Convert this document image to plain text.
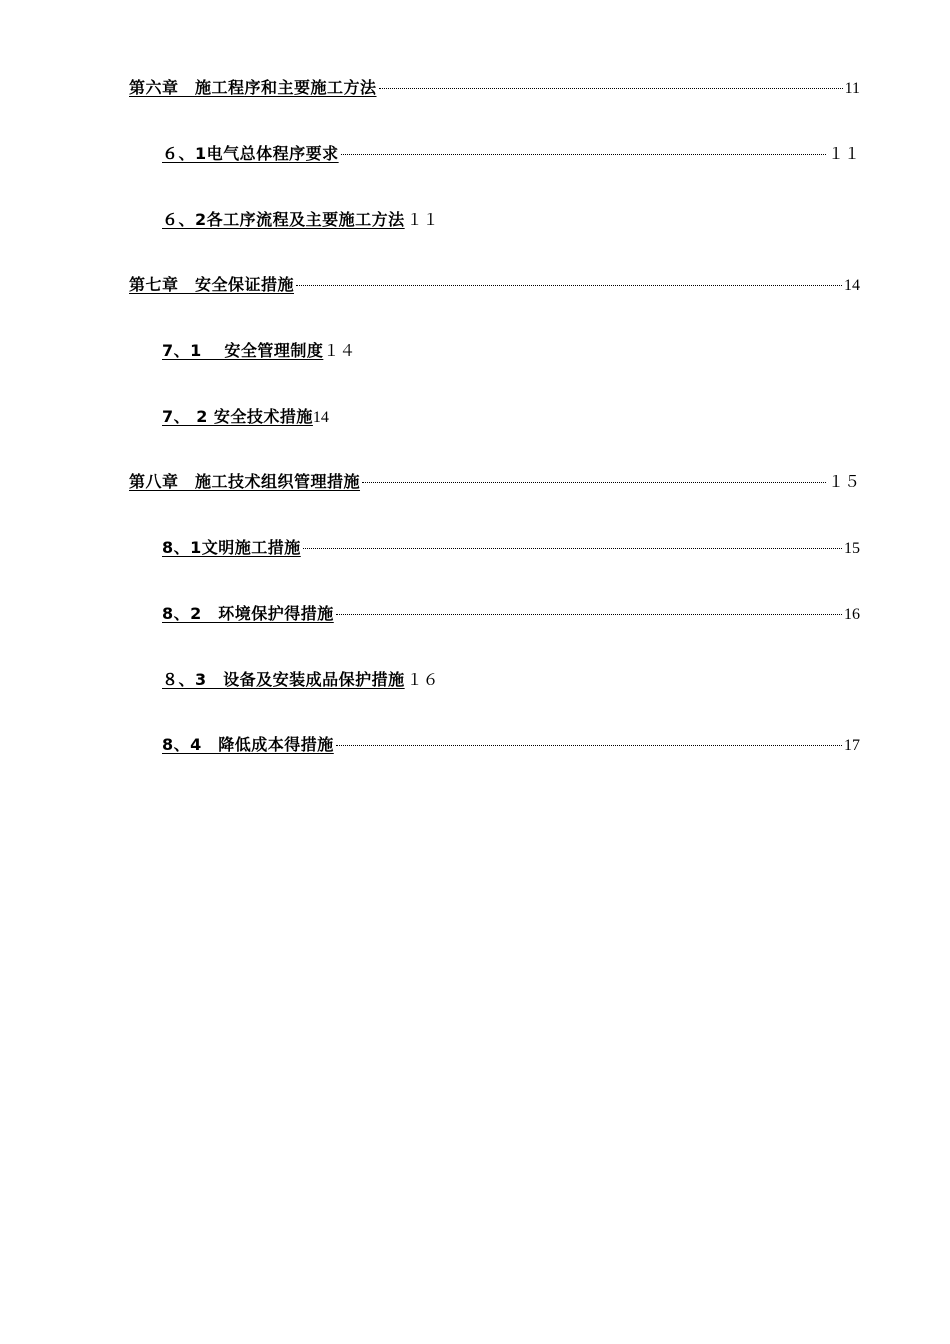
第六章　施工程序和主要施工方法	11
６、1电气总体程序要求	１１
６、2各工序流程及主要施工方法 １１
第七章　安全保证措施	14
7、1　 安全管理制度 １４
7、 2 安全技术措施 14
第八章　施工技术组织管理措施	１５
8、1文明施工措施	15
8、2　环境保护得措施	16
８、3　设备及安装成品保护措施 １６
8、4　降低成本得措施	17
